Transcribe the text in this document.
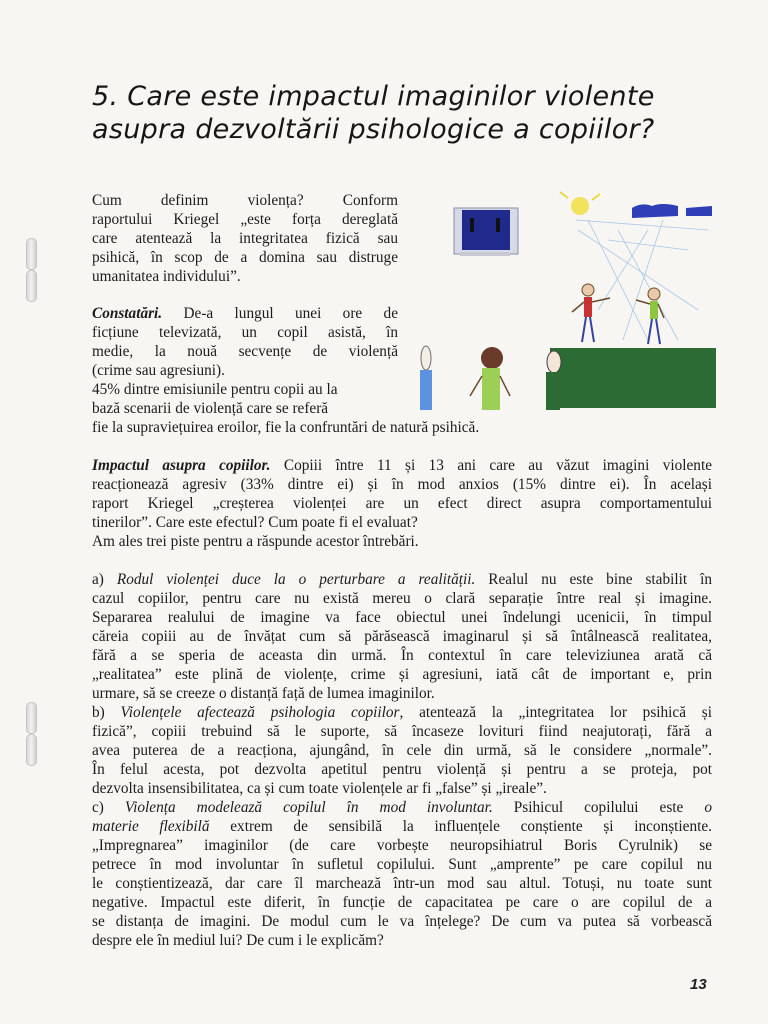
5. Care este impactul imaginilor violente
asupra dezvoltării psihologice a copiilor?
Cum definim violența? Conform
raportului Kriegel „este forța dereglată
care atentează la integritatea fizică sau
psihică, în scop de a domina sau distruge
umanitatea individului”.
Constatări. De-a lungul unei ore de
ficțiune televizată, un copil asistă, în
medie, la nouă secvențe de violență
(crime sau agresiuni).
45% dintre emisiunile pentru copii au la
bază scenarii de violență care se referă
fie la supraviețuirea eroilor, fie la confruntări de natură psihică.
Impactul asupra copiilor. Copiii între 11 și 13 ani care au văzut imagini violente
reacționează agresiv (33% dintre ei) și în mod anxios (15% dintre ei). În același
raport Kriegel „creșterea violenței are un efect direct asupra comportamentului
tinerilor”. Care este efectul? Cum poate fi el evaluat?
Am ales trei piste pentru a răspunde acestor întrebări.
a) Rodul violenței duce la o perturbare a realității. Realul nu este bine stabilit în
cazul copiilor, pentru care nu există mereu o clară separație între real și imagine.
Separarea realului de imagine va face obiectul unei îndelungi ucenicii, în timpul
căreia copiii au de învățat cum să părăsească imaginarul și să întâlnească realitatea,
fără a se speria de aceasta din urmă. În contextul în care televiziunea arată că
„realitatea” este plină de violențe, crime și agresiuni, iată cât de important e, prin
urmare, să se creeze o distanță față de lumea imaginilor.
b) Violențele afectează psihologia copiilor, atentează la „integritatea lor psihică și
fizică”, copiii trebuind să le suporte, să încaseze lovituri fiind neajutorați, fără a
avea puterea de a reacționa, ajungând, în cele din urmă, să le considere „normale”.
În felul acesta, pot dezvolta apetitul pentru violență și pentru a se proteja, pot
dezvolta insensibilitatea, ca și cum toate violențele ar fi „false” și „ireale”.
c) Violența modelează copilul în mod involuntar. Psihicul copilului este o
materie flexibilă extrem de sensibilă la influențele conștiente și inconștiente.
„Impregnarea” imaginilor (de care vorbește neuropsihiatrul Boris Cyrulnik) se
petrece în mod involuntar în sufletul copilului. Sunt „amprente” pe care copilul nu
le conștientizează, dar care îl marchează într-un mod sau altul. Totuși, nu toate sunt
negative. Impactul este diferit, în funcție de capacitatea pe care o are copilul de a
se distanța de imagini. De modul cum le va înțelege? De cum va putea să vorbească
despre ele în mediul lui? De cum i le explicăm?
13
